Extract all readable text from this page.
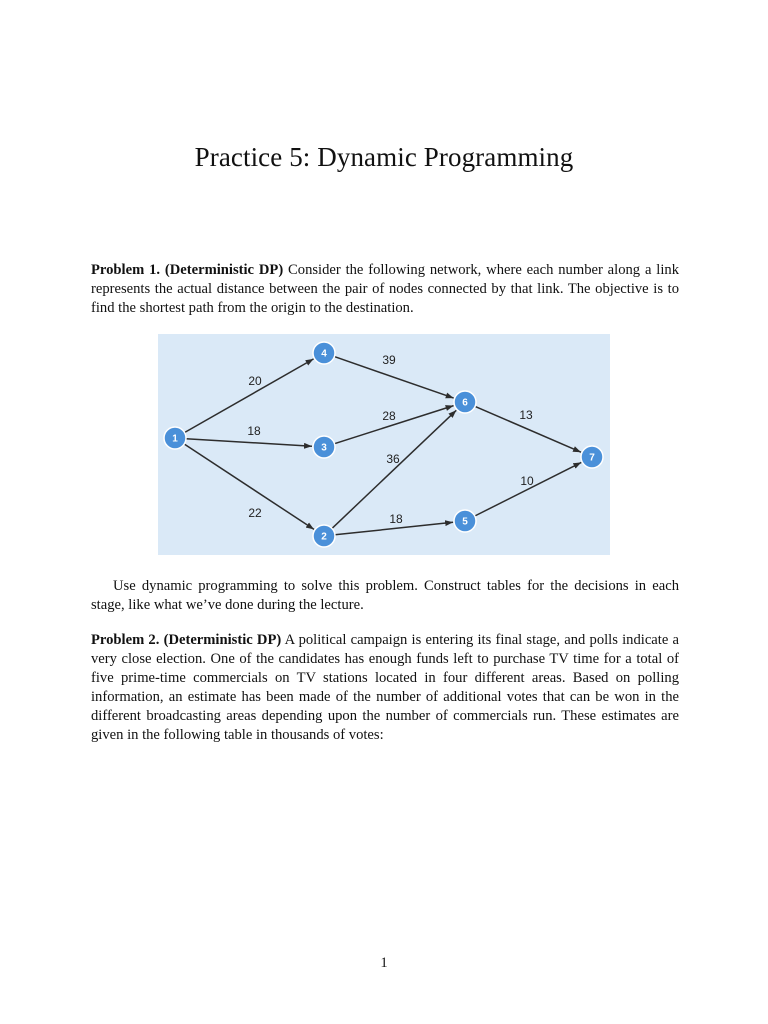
Practice 5: Dynamic Programming

Problem 1. (Deterministic DP) Consider the following network, where each number along a link represents the actual distance between the pair of nodes connected by that link. The objective is to find the shortest path from the origin to the destination.

20
18
22
39
28
36
18
13
10
1
2
3
4
5
6
7

Use dynamic programming to solve this problem. Construct tables for the decisions in each stage, like what we’ve done during the lecture.

Problem 2. (Deterministic DP) A political campaign is entering its final stage, and polls indicate a very close election. One of the candidates has enough funds left to purchase TV time for a total of five prime-time commercials on TV stations located in four different areas. Based on polling information, an estimate has been made of the number of additional votes that can be won in the different broadcasting areas depending upon the number of commercials run. These estimates are given in the following table in thousands of votes:

1
